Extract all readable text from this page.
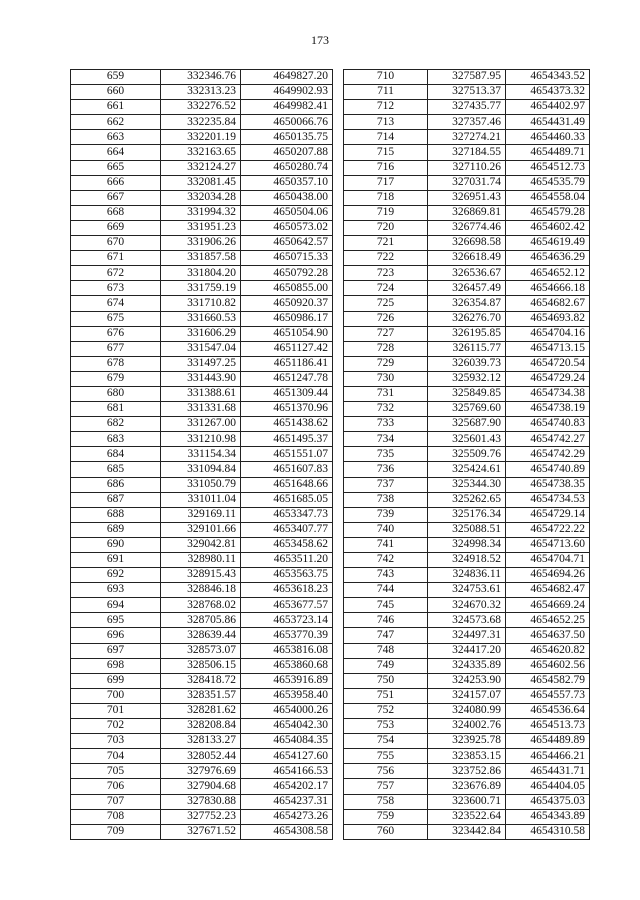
173
659	332346.76	4649827.20
660	332313.23	4649902.93
661	332276.52	4649982.41
662	332235.84	4650066.76
663	332201.19	4650135.75
664	332163.65	4650207.88
665	332124.27	4650280.74
666	332081.45	4650357.10
667	332034.28	4650438.00
668	331994.32	4650504.06
669	331951.23	4650573.02
670	331906.26	4650642.57
671	331857.58	4650715.33
672	331804.20	4650792.28
673	331759.19	4650855.00
674	331710.82	4650920.37
675	331660.53	4650986.17
676	331606.29	4651054.90
677	331547.04	4651127.42
678	331497.25	4651186.41
679	331443.90	4651247.78
680	331388.61	4651309.44
681	331331.68	4651370.96
682	331267.00	4651438.62
683	331210.98	4651495.37
684	331154.34	4651551.07
685	331094.84	4651607.83
686	331050.79	4651648.66
687	331011.04	4651685.05
688	329169.11	4653347.73
689	329101.66	4653407.77
690	329042.81	4653458.62
691	328980.11	4653511.20
692	328915.43	4653563.75
693	328846.18	4653618.23
694	328768.02	4653677.57
695	328705.86	4653723.14
696	328639.44	4653770.39
697	328573.07	4653816.08
698	328506.15	4653860.68
699	328418.72	4653916.89
700	328351.57	4653958.40
701	328281.62	4654000.26
702	328208.84	4654042.30
703	328133.27	4654084.35
704	328052.44	4654127.60
705	327976.69	4654166.53
706	327904.68	4654202.17
707	327830.88	4654237.31
708	327752.23	4654273.26
709	327671.52	4654308.58
710	327587.95	4654343.52
711	327513.37	4654373.32
712	327435.77	4654402.97
713	327357.46	4654431.49
714	327274.21	4654460.33
715	327184.55	4654489.71
716	327110.26	4654512.73
717	327031.74	4654535.79
718	326951.43	4654558.04
719	326869.81	4654579.28
720	326774.46	4654602.42
721	326698.58	4654619.49
722	326618.49	4654636.29
723	326536.67	4654652.12
724	326457.49	4654666.18
725	326354.87	4654682.67
726	326276.70	4654693.82
727	326195.85	4654704.16
728	326115.77	4654713.15
729	326039.73	4654720.54
730	325932.12	4654729.24
731	325849.85	4654734.38
732	325769.60	4654738.19
733	325687.90	4654740.83
734	325601.43	4654742.27
735	325509.76	4654742.29
736	325424.61	4654740.89
737	325344.30	4654738.35
738	325262.65	4654734.53
739	325176.34	4654729.14
740	325088.51	4654722.22
741	324998.34	4654713.60
742	324918.52	4654704.71
743	324836.11	4654694.26
744	324753.61	4654682.47
745	324670.32	4654669.24
746	324573.68	4654652.25
747	324497.31	4654637.50
748	324417.20	4654620.82
749	324335.89	4654602.56
750	324253.90	4654582.79
751	324157.07	4654557.73
752	324080.99	4654536.64
753	324002.76	4654513.73
754	323925.78	4654489.89
755	323853.15	4654466.21
756	323752.86	4654431.71
757	323676.89	4654404.05
758	323600.71	4654375.03
759	323522.64	4654343.89
760	323442.84	4654310.58
